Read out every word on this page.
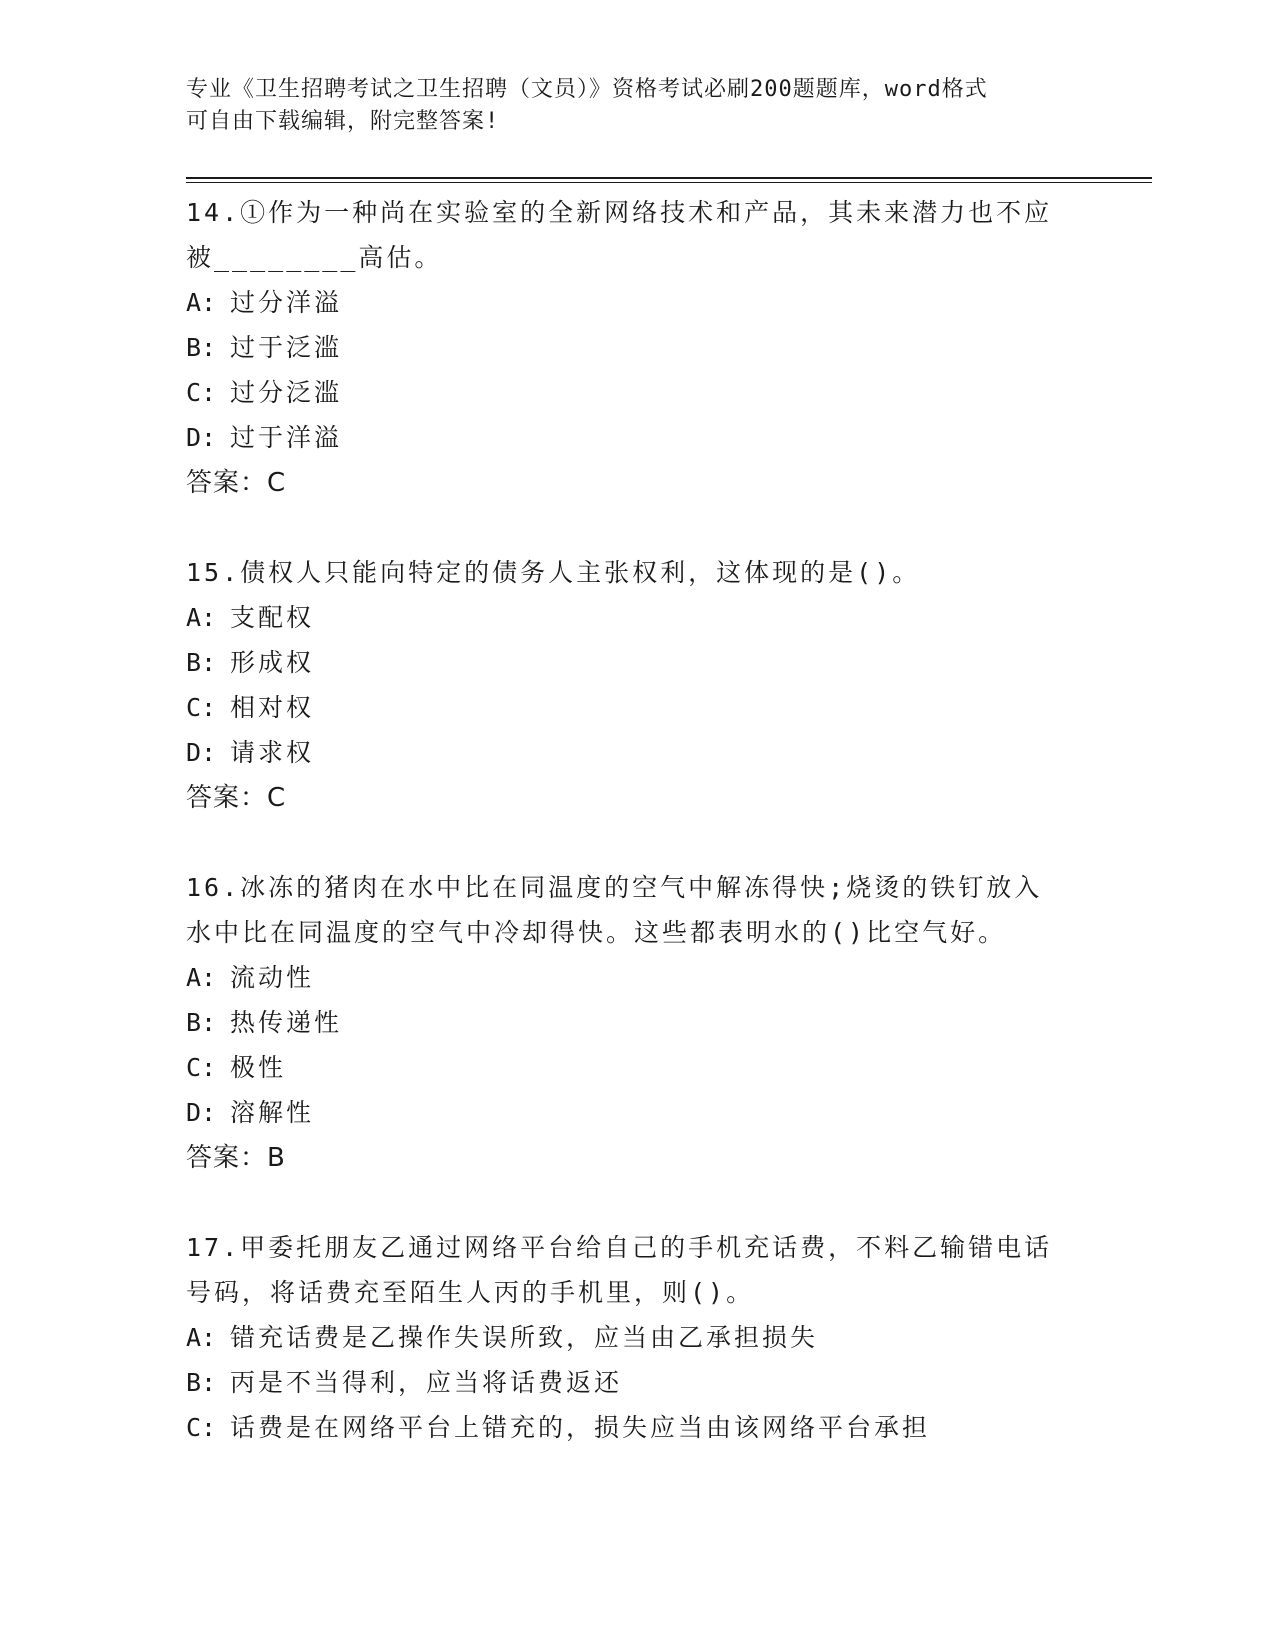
专业《卫生招聘考试之卫生招聘（文员）》资格考试必刷200题题库，word格式
可自由下载编辑，附完整答案!
14.①作为一种尚在实验室的全新网络技术和产品，其未来潜力也不应
被________高估。
A: 过分洋溢
B: 过于泛滥
C: 过分泛滥
D: 过于洋溢
答案：C
15.债权人只能向特定的债务人主张权利，这体现的是()。
A: 支配权
B: 形成权
C: 相对权
D: 请求权
答案：C
16.冰冻的猪肉在水中比在同温度的空气中解冻得快;烧烫的铁钉放入
水中比在同温度的空气中冷却得快。这些都表明水的()比空气好。
A: 流动性
B: 热传递性
C: 极性
D: 溶解性
答案：B
17.甲委托朋友乙通过网络平台给自己的手机充话费，不料乙输错电话
号码，将话费充至陌生人丙的手机里，则()。
A: 错充话费是乙操作失误所致，应当由乙承担损失
B: 丙是不当得利，应当将话费返还
C: 话费是在网络平台上错充的，损失应当由该网络平台承担
